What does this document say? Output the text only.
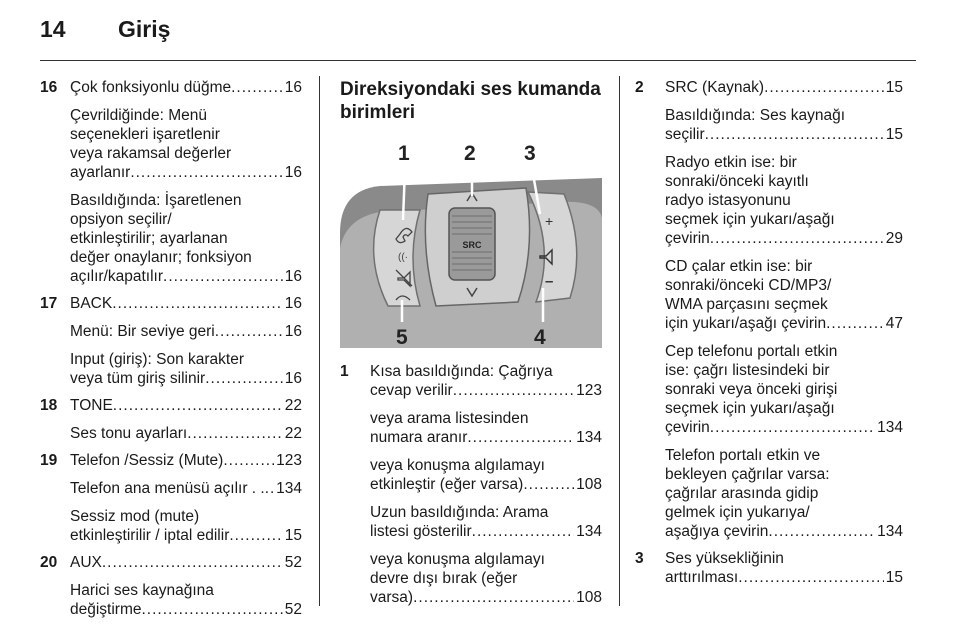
14 Giriş
16 Çok fonksiyonlu düğme .....	16
Çevrildiğinde: Menü
seçenekleri işaretlenir
veya rakamsal değerler
ayarlanır .....	16
Basıldığında: İşaretlenen
opsiyon seçilir/
etkinleştirilir; ayarlanan
değer onaylanır; fonksiyon
açılır/kapatılır .....	16
17 BACK .....	16
Menü: Bir seviye geri .....	16
Input (giriş): Son karakter
veya tüm giriş silinir .....	16
18 TONE .....	22
Ses tonu ayarları .....	22
19 Telefon /Sessiz (Mute) .....	123
Telefon ana menüsü açılır . . ..... 134
Sessiz mod (mute)
etkinleştirilir / iptal edilir .....	15
20 AUX .....	52
Harici ses kaynağına
değiştirme .....	52
Direksiyondaki ses kumanda
birimleri
SRC
((·
+
–
1	2 3
4
5
1 Kısa basıldığında: Çağrıya
cevap verilir .....	123
veya arama listesinden
numara aranır .....	134
veya konuşma algılamayı
etkinleştir (eğer varsa) .....	108
Uzun basıldığında: Arama
listesi gösterilir .....	134
veya konuşma algılamayı
devre dışı bırak (eğer
varsa) .....	108
2 SRC (Kaynak) .....	15
Basıldığında: Ses kaynağı
seçilir .....	15
Radyo etkin ise: bir
sonraki/önceki kayıtlı
radyo istasyonunu
seçmek için yukarı/aşağı
çevirin .....	29
CD çalar etkin ise: bir
sonraki/önceki CD/MP3/
WMA parçasını seçmek
için yukarı/aşağı çevirin .....	47
Cep telefonu portalı etkin
ise: çağrı listesindeki bir
sonraki veya önceki girişi
seçmek için yukarı/aşağı
çevirin .....	134
Telefon portalı etkin ve
bekleyen çağrılar varsa:
çağrılar arasında gidip
gelmek için yukarıya/
aşağıya çevirin .....	134
3 Ses yüksekliğinin
arttırılması .....	15
